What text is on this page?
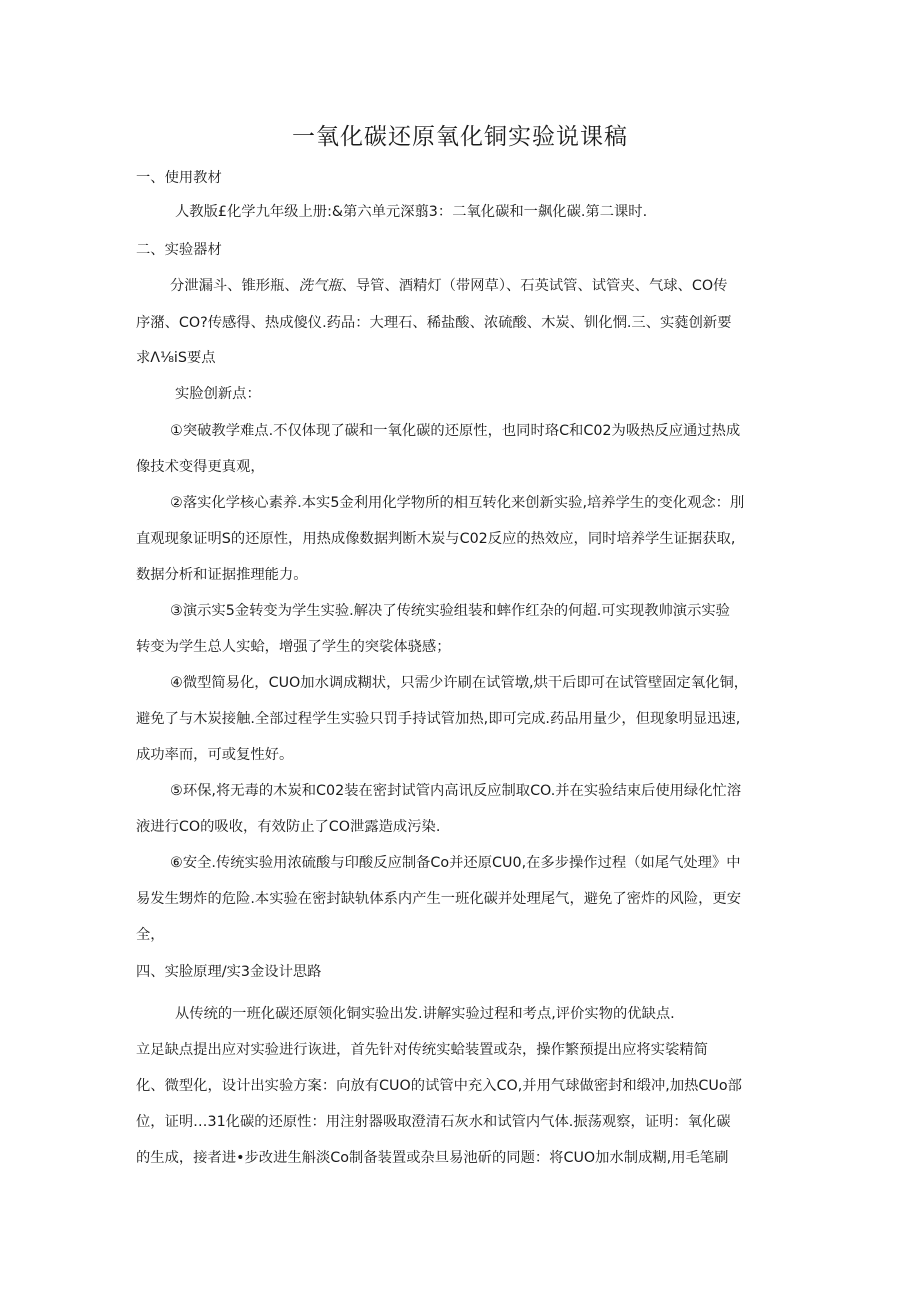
一氧化碳还原氧化铜实验说课稿
一、使用教材
人教版£化学九年级上册:&第六单元深翦3：二氧化碳和一飙化碳.第二课时.
二、实验器材
分泄漏斗、锥形瓶、洗气瓶、导管、酒精灯（带网草）、石英试管、试管夹、气球、CO传
序潴、CO?传感得、热成傻仪.药品：大理石、稀盐酸、浓硫酸、木炭、钏化惘.三、实蕤创新要
求Λ⅛iS要点
实脸创新点：
①突破教学难点.不仅体现了碳和一氧化碳的还原性，也同时珞C和C02为吸热反应通过热成
像技术变得更真观，
②落实化学核心素养.本实5金利用化学物所的相互转化来创新实验,培养学生的变化观念：刖
直观现象证明S的还原性，用热成像数据判断木炭与C02反应的热效应，同时培养学生证据获取,
数据分析和证据推理能力。
③演示实5金转变为学生实验.解决了传统实验组装和蟀作红杂的何超.可实现教帅演示实验
转变为学生总人实蛤，增强了学生的突裟体骁感；
④微型简易化，CUO加水调成糊状，只需少许刷在试管墩,烘干后即可在试管壁固定氧化铜，
避免了与木炭接触.全部过程学生实验只罚手持试管加热,即可完成.药品用量少，但现象明显迅速,
成功率而，可或复性好。
⑤环保,将无毒的木炭和C02装在密封试管内高讯反应制取CO.并在实验结束后使用绿化忙溶
液进行CO的吸收，有效防止了CO泄露造成污染.
⑥安全.传统实验用浓硫酸与印酸反应制备Co并还原CU0,在多步操作过程（如尾气处理》中
易发生甥炸的危险.本实验在密封缺轨体系内产生一班化碳并处理尾气，避免了密炸的风险，更安
全，
四、实脸原理/实3金设计思路
从传统的一班化碳还原领化铜实验出发.讲解实验过程和考点,评价实物的优缺点.
立足缺点提出应对实验进行诙进，首先针对传统实蛤装置或杂，操作繁预提出应将实裟精简
化、微型化，设计出实验方案：向放有CUO的试管中充入CO,并用气球做密封和缎冲,加热CUo部
位，证明…31化碳的还原性：用注射器吸取澄清石灰水和试管内气体.振荡观察，证明：氧化碳
的生成，接者进•步改进生斛淡Co制备装置或杂旦易池斫的同题：将CUO加水制成糊,用毛笔刷
